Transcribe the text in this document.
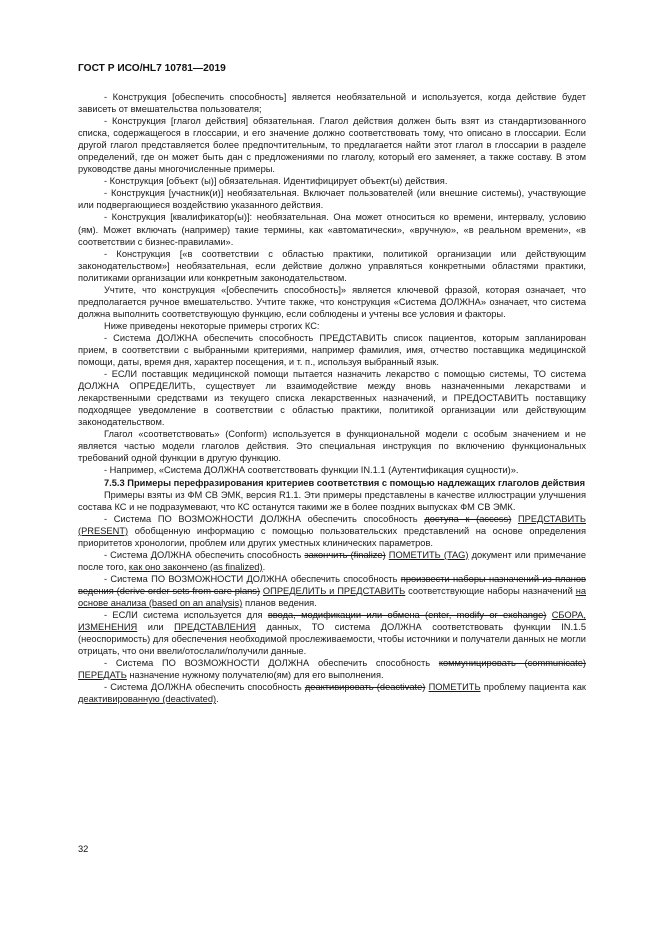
ГОСТ Р ИСО/HL7 10781—2019

- Конструкция [обеспечить способность] является необязательной и используется, когда действие будет зависеть от вмешательства пользователя;

- Конструкция [глагол действия] обязательная. Глагол действия должен быть взят из стандартизованного списка, содержащегося в глоссарии, и его значение должно соответствовать тому, что описано в глоссарии. Если другой глагол представляется более предпочтительным, то предлагается найти этот глагол в глоссарии в разделе определений, где он может быть дан с предложениями по глаголу, который его заменяет, а также составу. В этом руководстве даны многочисленные примеры.

- Конструкция [объект (ы)] обязательная. Идентифицирует объект(ы) действия.

- Конструкция [участник(и)] необязательная. Включает пользователей (или внешние системы), участвующие или подвергающиеся воздействию указанного действия.

- Конструкция [квалификатор(ы)]: необязательная. Она может относиться ко времени, интервалу, условию (ям). Может включать (например) такие термины, как «автоматически», «вручную», «в реальном времени», «в соответствии с бизнес-правилами».

- Конструкция [«в соответствии с областью практики, политикой организации или действующим законодательством»] необязательная, если действие должно управляться конкретными областями практики, политиками организации или конкретным законодательством.

Учтите, что конструкция «[обеспечить способность]» является ключевой фразой, которая означает, что предполагается ручное вмешательство. Учтите также, что конструкция «Система ДОЛЖНА» означает, что система должна выполнить соответствующую функцию, если соблюдены и учтены все условия и факторы.

Ниже приведены некоторые примеры строгих КС:

- Система ДОЛЖНА обеспечить способность ПРЕДСТАВИТЬ список пациентов, которым запланирован прием, в соответствии с выбранными критериями, например фамилия, имя, отчество поставщика медицинской помощи, даты, время дня, характер посещения, и т. п., используя выбранный язык.

- ЕСЛИ поставщик медицинской помощи пытается назначить лекарство с помощью системы, ТО система ДОЛЖНА ОПРЕДЕЛИТЬ, существует ли взаимодействие между вновь назначенными лекарствами и лекарственными средствами из текущего списка лекарственных назначений, и ПРЕДОСТАВИТЬ поставщику подходящее уведомление в соответствии с областью практики, политикой организации или действующим законодательством.

Глагол «соответствовать» (Conform) используется в функциональной модели с особым значением и не является частью модели глаголов действия. Это специальная инструкция по включению функциональных требований одной функции в другую функцию.

- Например, «Система ДОЛЖНА соответствовать функции IN.1.1 (Аутентификация сущности)».

7.5.3 Примеры перефразирования критериев соответствия с помощью надлежащих глаголов действия

Примеры взяты из ФМ СВ ЭМК, версия R1.1. Эти примеры представлены в качестве иллюстрации улучшения состава КС и не подразумевают, что КС останутся такими же в более поздних выпусках ФМ СВ ЭМК.

- Система ПО ВОЗМОЖНОСТИ ДОЛЖНА обеспечить способность доступа к (access) ПРЕДСТАВИТЬ (PRESENT) обобщенную информацию с помощью пользовательских представлений на основе определения приоритетов хронологии, проблем или других уместных клинических параметров.

- Система ДОЛЖНА обеспечить способность закончить (finalize) ПОМЕТИТЬ (TAG) документ или примечание после того, как оно закончено (as finalized).

- Система ПО ВОЗМОЖНОСТИ ДОЛЖНА обеспечить способность произвести наборы назначений из планов ведения (derive order sets from care plans) ОПРЕДЕЛИТЬ и ПРЕДСТАВИТЬ соответствующие наборы назначений на основе анализа (based on an analysis) планов ведения.

- ЕСЛИ система используется для ввода, модификации или обмена (enter, modify or exchange) СБОРА, ИЗМЕНЕНИЯ или ПРЕДСТАВЛЕНИЯ данных, ТО система ДОЛЖНА соответствовать функции IN.1.5 (неоспоримость) для обеспечения необходимой прослеживаемости, чтобы источники и получатели данных не могли отрицать, что они ввели/отослали/получили данные.

- Система ПО ВОЗМОЖНОСТИ ДОЛЖНА обеспечить способность коммуницировать (communicate) ПЕРЕДАТЬ назначение нужному получателю(ям) для его выполнения.

- Система ДОЛЖНА обеспечить способность деактивировать (deactivate) ПОМЕТИТЬ проблему пациента как деактивированную (deactivated).

32
